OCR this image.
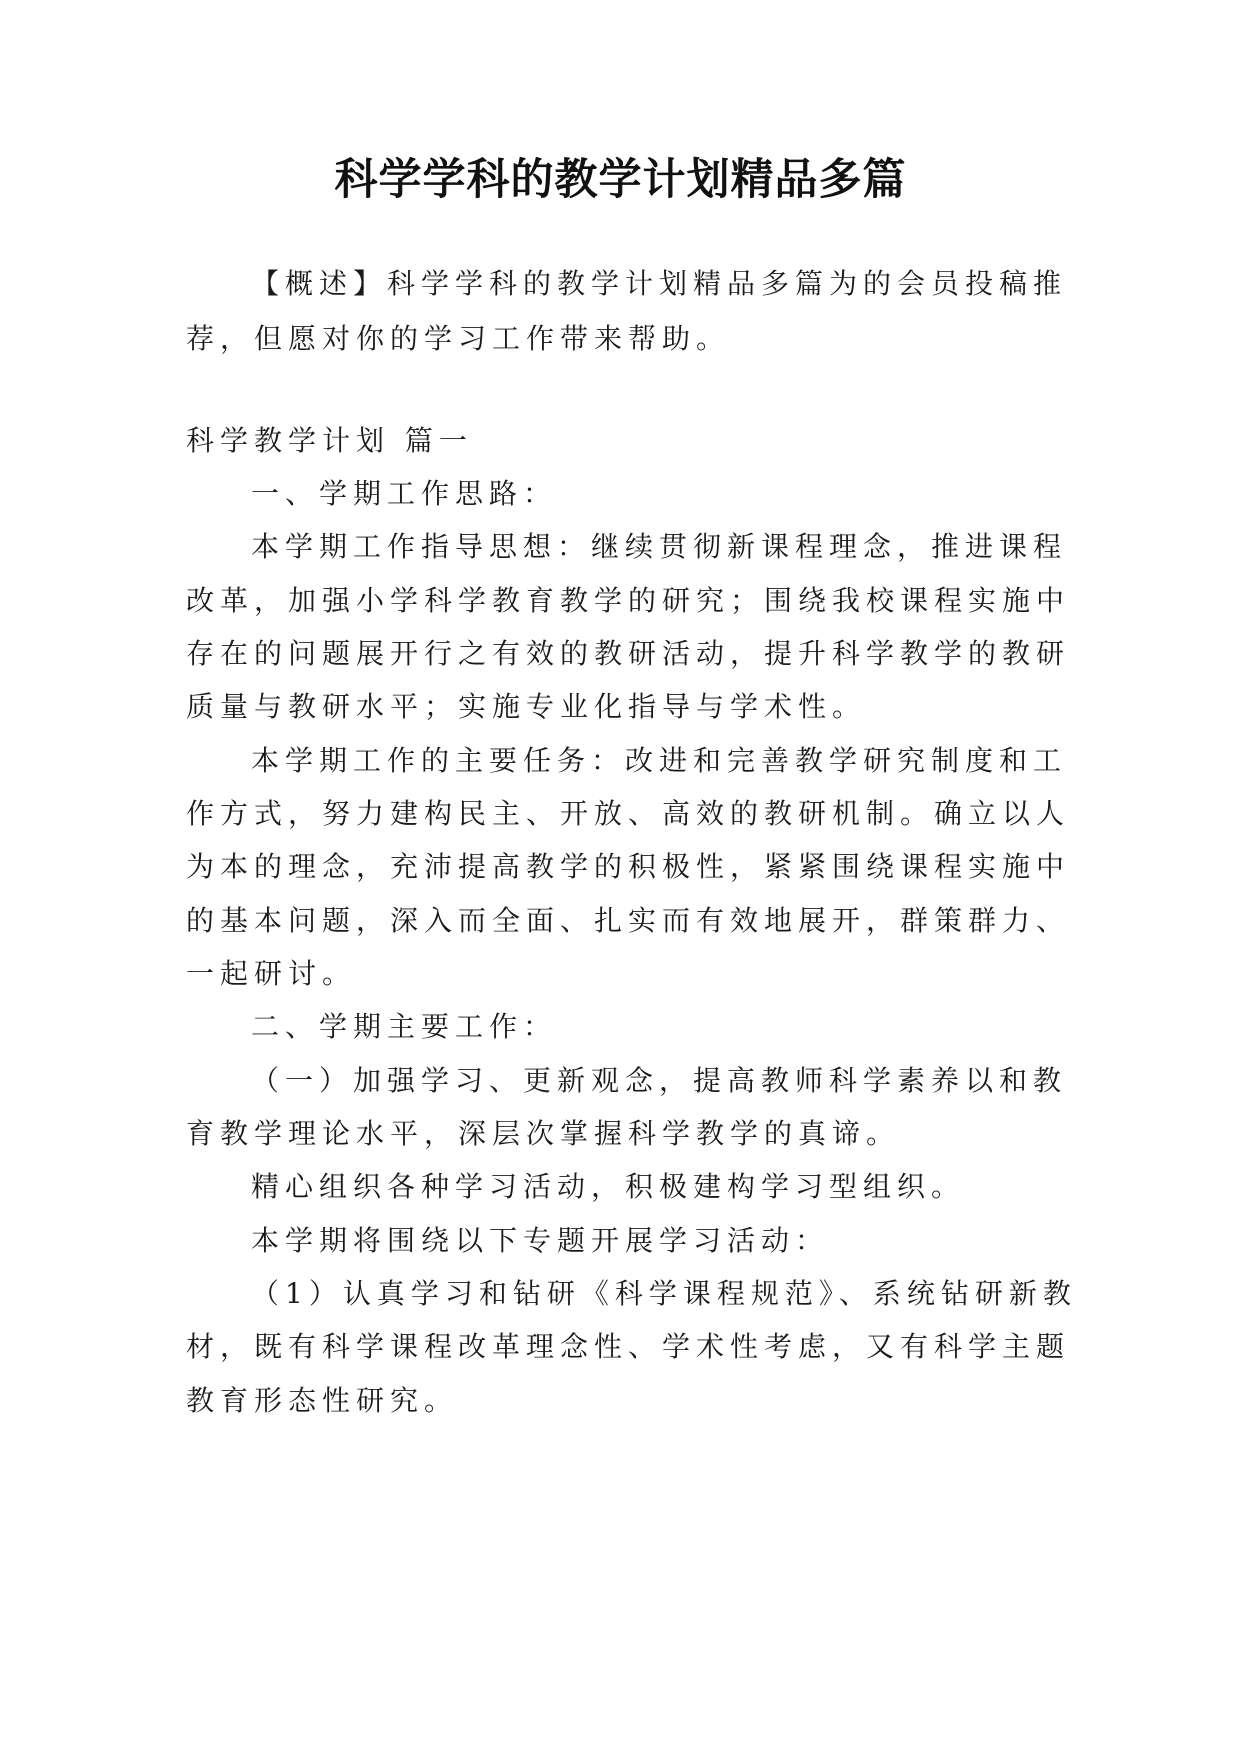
科学学科的教学计划精品多篇
【概述】科学学科的教学计划精品多篇为的会员投稿推
荐，但愿对你的学习工作带来帮助。
科学教学计划 篇一
一、学期工作思路：
本学期工作指导思想：继续贯彻新课程理念，推进课程
改革，加强小学科学教育教学的研究；围绕我校课程实施中
存在的问题展开行之有效的教研活动，提升科学教学的教研
质量与教研水平；实施专业化指导与学术性。
本学期工作的主要任务：改进和完善教学研究制度和工
作方式，努力建构民主、开放、高效的教研机制。确立以人
为本的理念，充沛提高教学的积极性，紧紧围绕课程实施中
的基本问题，深入而全面、扎实而有效地展开，群策群力、
一起研讨。
二、学期主要工作：
（一）加强学习、更新观念，提高教师科学素养以和教
育教学理论水平，深层次掌握科学教学的真谛。
精心组织各种学习活动，积极建构学习型组织。
本学期将围绕以下专题开展学习活动：
（1）认真学习和钻研《科学课程规范》、系统钻研新教
材，既有科学课程改革理念性、学术性考虑，又有科学主题
教育形态性研究。
